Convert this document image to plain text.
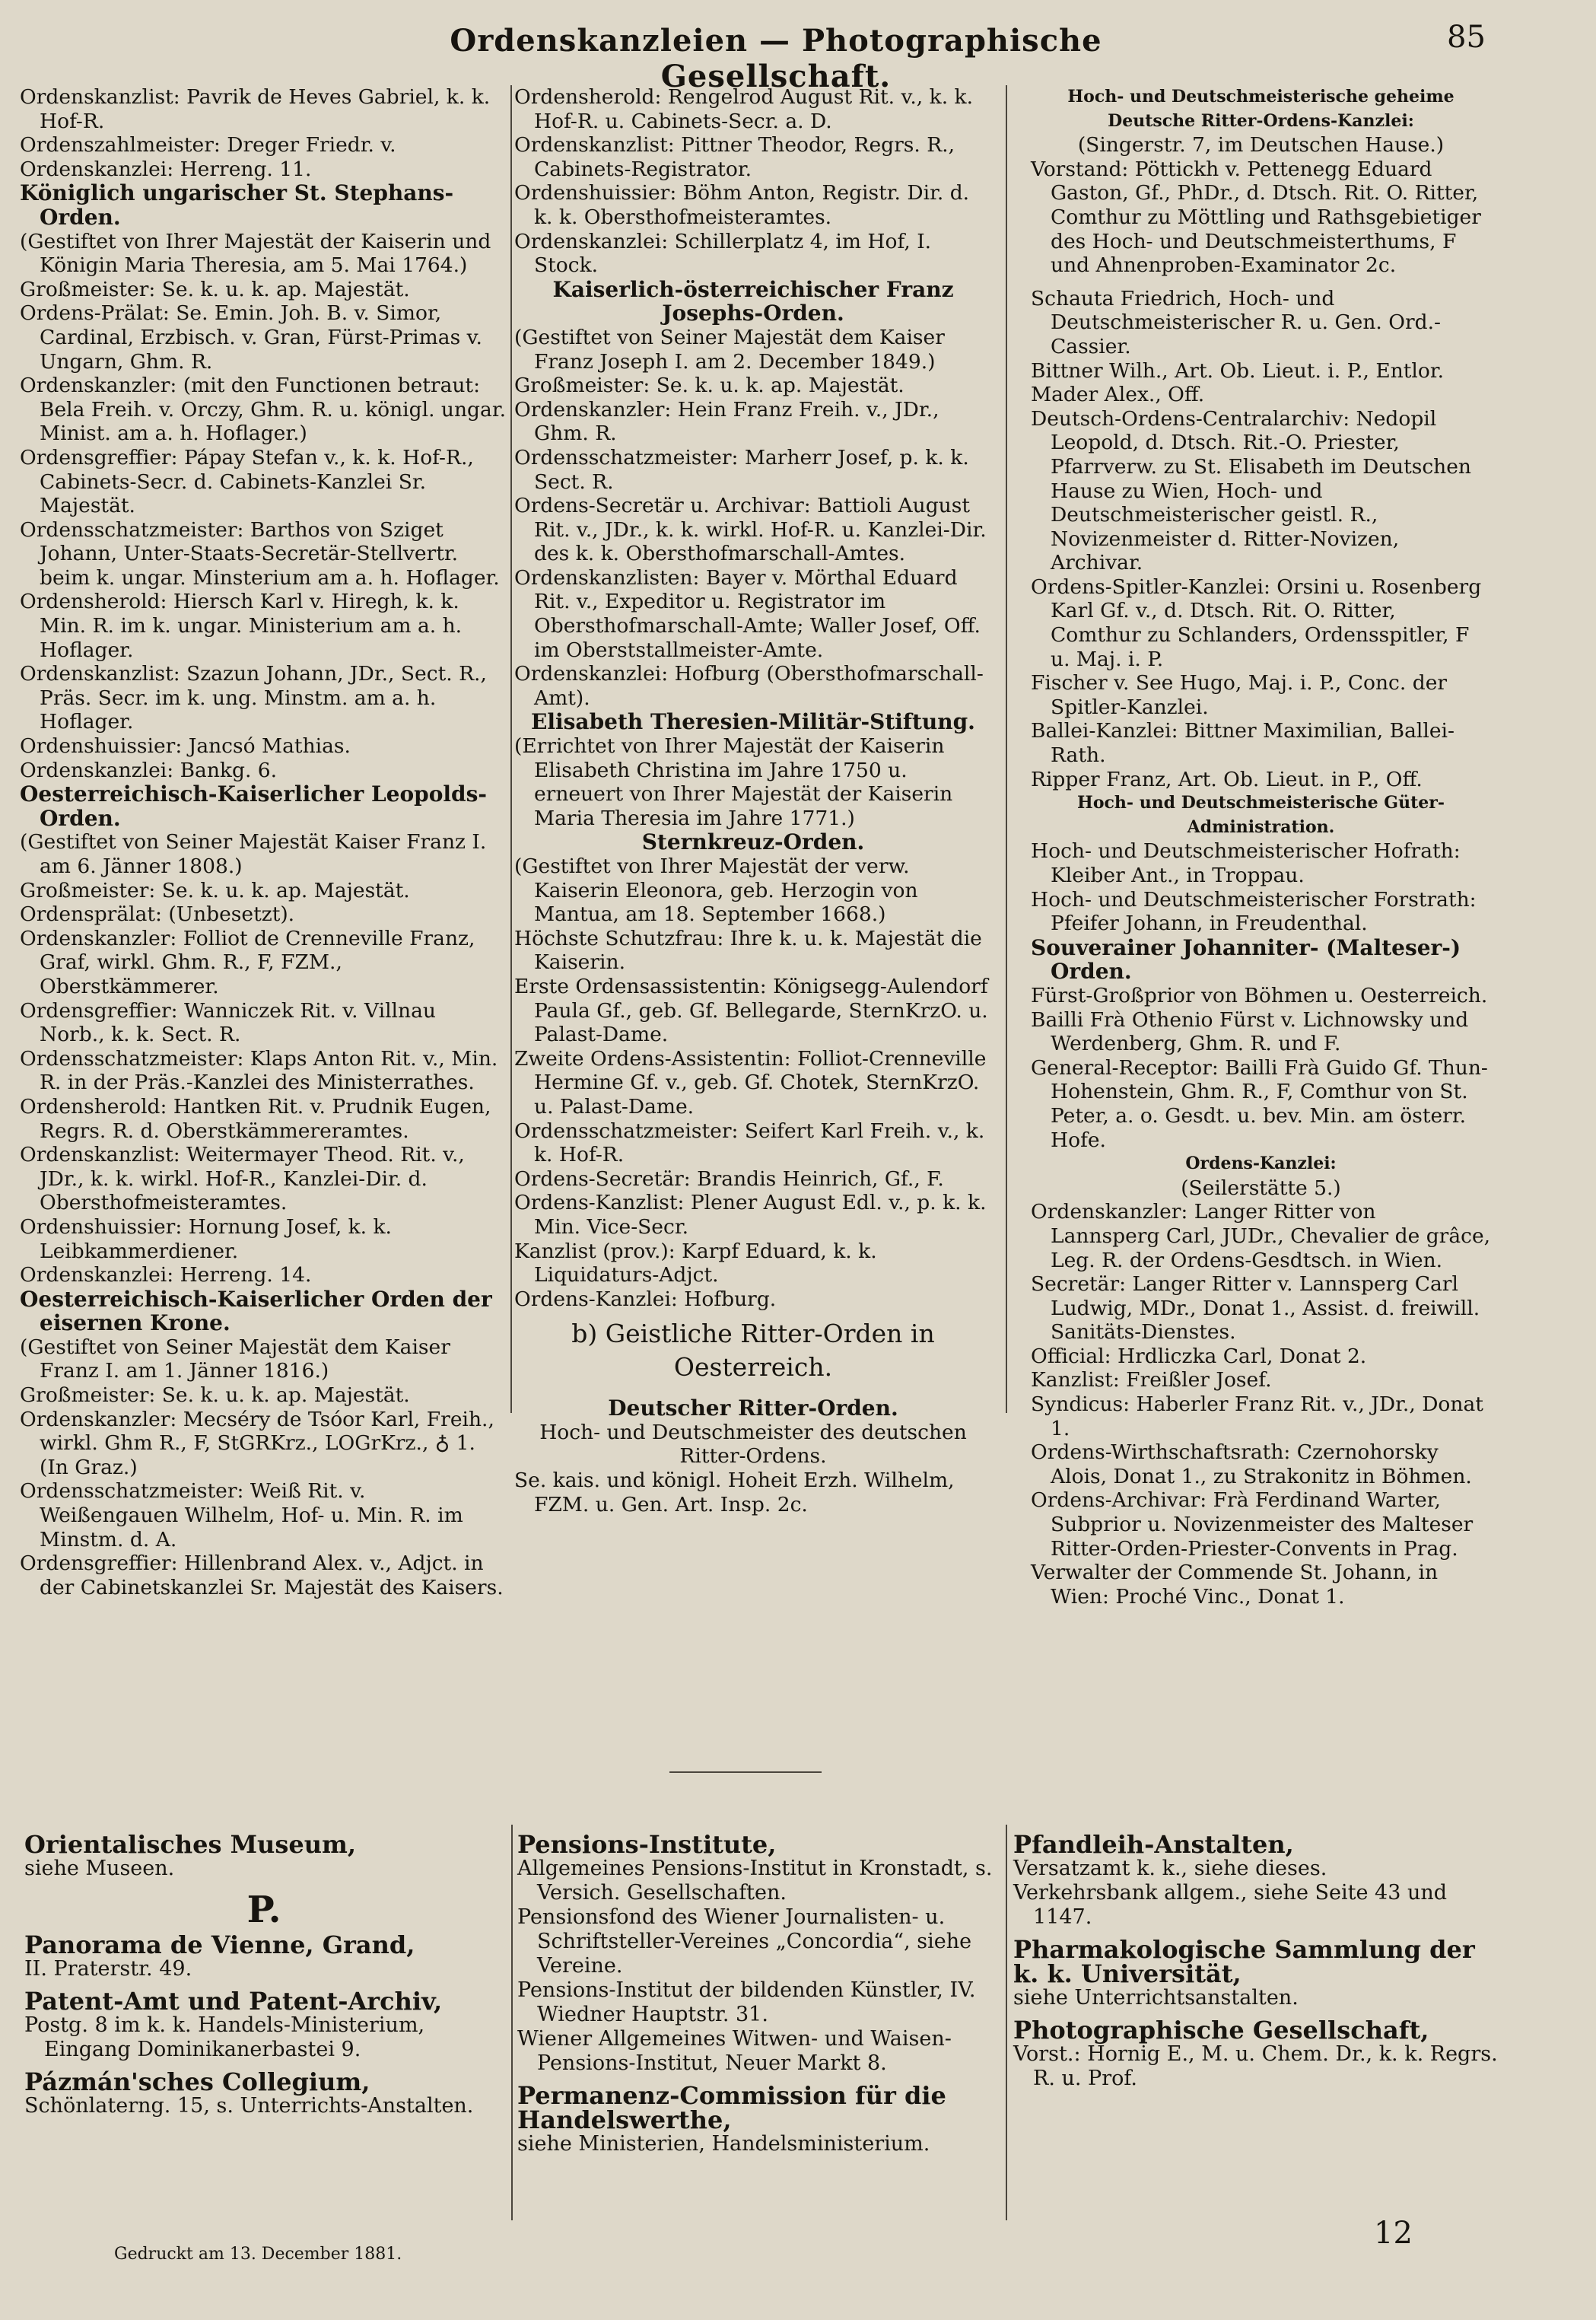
Ordenskanzleien — Photographische Gesellschaft.
85

Ordenskanzlist: Pavrik de Heves Gabriel, k. k. Hof-R.

Ordenszahlmeister: Dreger Friedr. v.

Ordenskanzlei: Herreng. 11.

Königlich ungarischer St. Stephans-Orden.

(Gestiftet von Ihrer Majestät der Kaiserin und Königin Maria Theresia, am 5. Mai 1764.)

Großmeister: Se. k. u. k. ap. Majestät.

Ordens-Prälat: Se. Emin. Joh. B. v. Simor, Cardinal, Erzbisch. v. Gran, Fürst-Primas v. Ungarn, Ghm. R.

Ordenskanzler: (mit den Functionen betraut: Bela Freih. v. Orczy, Ghm. R. u. königl. ungar. Minist. am a. h. Hoflager.)

Ordensgreffier: Pápay Stefan v., k. k. Hof-R., Cabinets-Secr. d. Cabinets-Kanzlei Sr. Majestät.

Ordensschatzmeister: Barthos von Sziget Johann, Unter-Staats-Secretär-Stellvertr. beim k. ungar. Minsterium am a. h. Hoflager.

Ordensherold: Hiersch Karl v. Hiregh, k. k. Min. R. im k. ungar. Ministerium am a. h. Hoflager.

Ordenskanzlist: Szazun Johann, JDr., Sect. R., Präs. Secr. im k. ung. Minstm. am a. h. Hoflager.

Ordenshuissier: Jancsó Mathias.

Ordenskanzlei: Bankg. 6.

Oesterreichisch-Kaiserlicher Leopolds-Orden.

(Gestiftet von Seiner Majestät Kaiser Franz I. am 6. Jänner 1808.)

Großmeister: Se. k. u. k. ap. Majestät.

Ordensprälat: (Unbesetzt).

Ordenskanzler: Folliot de Crenneville Franz, Graf, wirkl. Ghm. R., F, FZM., Oberstkämmerer.

Ordensgreffier: Wanniczek Rit. v. Villnau Norb., k. k. Sect. R.

Ordensschatzmeister: Klaps Anton Rit. v., Min. R. in der Präs.-Kanzlei des Ministerrathes.

Ordensherold: Hantken Rit. v. Prudnik Eugen, Regrs. R. d. Oberstkämmereramtes.

Ordenskanzlist: Weitermayer Theod. Rit. v., JDr., k. k. wirkl. Hof-R., Kanzlei-Dir. d. Obersthofmeisteramtes.

Ordenshuissier: Hornung Josef, k. k. Leibkammerdiener.

Ordenskanzlei: Herreng. 14.

Oesterreichisch-Kaiserlicher Orden der eisernen Krone.

(Gestiftet von Seiner Majestät dem Kaiser Franz I. am 1. Jänner 1816.)

Großmeister: Se. k. u. k. ap. Majestät.

Ordenskanzler: Mecséry de Tsóor Karl, Freih., wirkl. Ghm R., F, StGRKrz., LOGrKrz., ♁ 1. (In Graz.)

Ordensschatzmeister: Weiß Rit. v. Weißengauen Wilhelm, Hof- u. Min. R. im Minstm. d. A.

Ordensgreffier: Hillenbrand Alex. v., Adjct. in der Cabinetskanzlei Sr. Majestät des Kaisers.

Ordensherold: Rengelrod August Rit. v., k. k. Hof-R. u. Cabinets-Secr. a. D.

Ordenskanzlist: Pittner Theodor, Regrs. R., Cabinets-Registrator.

Ordenshuissier: Böhm Anton, Registr. Dir. d. k. k. Obersthofmeisteramtes.

Ordenskanzlei: Schillerplatz 4, im Hof, I. Stock.

Kaiserlich-österreichischer Franz Josephs-Orden.

(Gestiftet von Seiner Majestät dem Kaiser Franz Joseph I. am 2. December 1849.)

Großmeister: Se. k. u. k. ap. Majestät.

Ordenskanzler: Hein Franz Freih. v., JDr., Ghm. R.

Ordensschatzmeister: Marherr Josef, p. k. k. Sect. R.

Ordens-Secretär u. Archivar: Battioli August Rit. v., JDr., k. k. wirkl. Hof-R. u. Kanzlei-Dir. des k. k. Obersthofmarschall-Amtes.

Ordenskanzlisten: Bayer v. Mörthal Eduard Rit. v., Expeditor u. Registrator im Obersthofmarschall-Amte; Waller Josef, Off. im Oberststallmeister-Amte.

Ordenskanzlei: Hofburg (Obersthofmarschall-Amt).

Elisabeth Theresien-Militär-Stiftung.

(Errichtet von Ihrer Majestät der Kaiserin Elisabeth Christina im Jahre 1750 u. erneuert von Ihrer Majestät der Kaiserin Maria Theresia im Jahre 1771.)

Sternkreuz-Orden.

(Gestiftet von Ihrer Majestät der verw. Kaiserin Eleonora, geb. Herzogin von Mantua, am 18. September 1668.)

Höchste Schutzfrau: Ihre k. u. k. Majestät die Kaiserin.

Erste Ordensassistentin: Königsegg-Aulendorf Paula Gf., geb. Gf. Bellegarde, SternKrzO. u. Palast-Dame.

Zweite Ordens-Assistentin: Folliot-Crenneville Hermine Gf. v., geb. Gf. Chotek, SternKrzO. u. Palast-Dame.

Ordensschatzmeister: Seifert Karl Freih. v., k. k. Hof-R.

Ordens-Secretär: Brandis Heinrich, Gf., F.

Ordens-Kanzlist: Plener August Edl. v., p. k. k. Min. Vice-Secr.

Kanzlist (prov.): Karpf Eduard, k. k. Liquidaturs-Adjct.

Ordens-Kanzlei: Hofburg.

b) Geistliche Ritter-Orden in Oesterreich.

Deutscher Ritter-Orden.

Hoch- und Deutschmeister des deutschen Ritter-Ordens.

Se. kais. und königl. Hoheit Erzh. Wilhelm, FZM. u. Gen. Art. Insp. 2c.

Hoch- und Deutschmeisterische geheime Deutsche Ritter-Ordens-Kanzlei:

(Singerstr. 7, im Deutschen Hause.)

Vorstand: Pöttickh v. Pettenegg Eduard Gaston, Gf., PhDr., d. Dtsch. Rit. O. Ritter, Comthur zu Möttling und Rathsgebietiger des Hoch- und Deutschmeisterthums, F und Ahnenproben-Examinator 2c.

Schauta Friedrich, Hoch- und Deutschmeisterischer R. u. Gen. Ord.-Cassier.

Bittner Wilh., Art. Ob. Lieut. i. P., Entlor.

Mader Alex., Off.

Deutsch-Ordens-Centralarchiv: Nedopil Leopold, d. Dtsch. Rit.-O. Priester, Pfarrverw. zu St. Elisabeth im Deutschen Hause zu Wien, Hoch- und Deutschmeisterischer geistl. R., Novizenmeister d. Ritter-Novizen, Archivar.

Ordens-Spitler-Kanzlei: Orsini u. Rosenberg Karl Gf. v., d. Dtsch. Rit. O. Ritter, Comthur zu Schlanders, Ordensspitler, F u. Maj. i. P.

Fischer v. See Hugo, Maj. i. P., Conc. der Spitler-Kanzlei.

Ballei-Kanzlei: Bittner Maximilian, Ballei-Rath.

Ripper Franz, Art. Ob. Lieut. in P., Off.

Hoch- und Deutschmeisterische Güter-Administration.

Hoch- und Deutschmeisterischer Hofrath: Kleiber Ant., in Troppau.

Hoch- und Deutschmeisterischer Forstrath: Pfeifer Johann, in Freudenthal.

Souverainer Johanniter- (Malteser-) Orden.

Fürst-Großprior von Böhmen u. Oesterreich.

Bailli Frà Othenio Fürst v. Lichnowsky und Werdenberg, Ghm. R. und F.

General-Receptor: Bailli Frà Guido Gf. Thun-Hohenstein, Ghm. R., F, Comthur von St. Peter, a. o. Gesdt. u. bev. Min. am österr. Hofe.

Ordens-Kanzlei:

(Seilerstätte 5.)

Ordenskanzler: Langer Ritter von Lannsperg Carl, JUDr., Chevalier de grâce, Leg. R. der Ordens-Gesdtsch. in Wien.

Secretär: Langer Ritter v. Lannsperg Carl Ludwig, MDr., Donat 1., Assist. d. freiwill. Sanitäts-Dienstes.

Official: Hrdliczka Carl, Donat 2.

Kanzlist: Freißler Josef.

Syndicus: Haberler Franz Rit. v., JDr., Donat 1.

Ordens-Wirthschaftsrath: Czernohorsky Alois, Donat 1., zu Strakonitz in Böhmen.

Ordens-Archivar: Frà Ferdinand Warter, Subprior u. Novizenmeister des Malteser Ritter-Orden-Priester-Convents in Prag.

Verwalter der Commende St. Johann, in Wien: Proché Vinc., Donat 1.

Orientalisches Museum,

siehe Museen.

P.

Panorama de Vienne, Grand,

II. Praterstr. 49.

Patent-Amt und Patent-Archiv,

Postg. 8 im k. k. Handels-Ministerium, Eingang Dominikanerbastei 9.

Pázmán'sches Collegium,

Schönlaterng. 15, s. Unterrichts-Anstalten.

Pensions-Institute,

Allgemeines Pensions-Institut in Kronstadt, s. Versich. Gesellschaften.

Pensionsfond des Wiener Journalisten- u. Schriftsteller-Vereines „Concordia“, siehe Vereine.

Pensions-Institut der bildenden Künstler, IV. Wiedner Hauptstr. 31.

Wiener Allgemeines Witwen- und Waisen-Pensions-Institut, Neuer Markt 8.

Permanenz-Commission für die Handelswerthe,

siehe Ministerien, Handelsministerium.

Pfandleih-Anstalten,

Versatzamt k. k., siehe dieses.

Verkehrsbank allgem., siehe Seite 43 und 1147.

Pharmakologische Sammlung der k. k. Universität,

siehe Unterrichtsanstalten.

Photographische Gesellschaft,

Vorst.: Hornig E., M. u. Chem. Dr., k. k. Regrs. R. u. Prof.

Gedruckt am 13. December 1881.
12
